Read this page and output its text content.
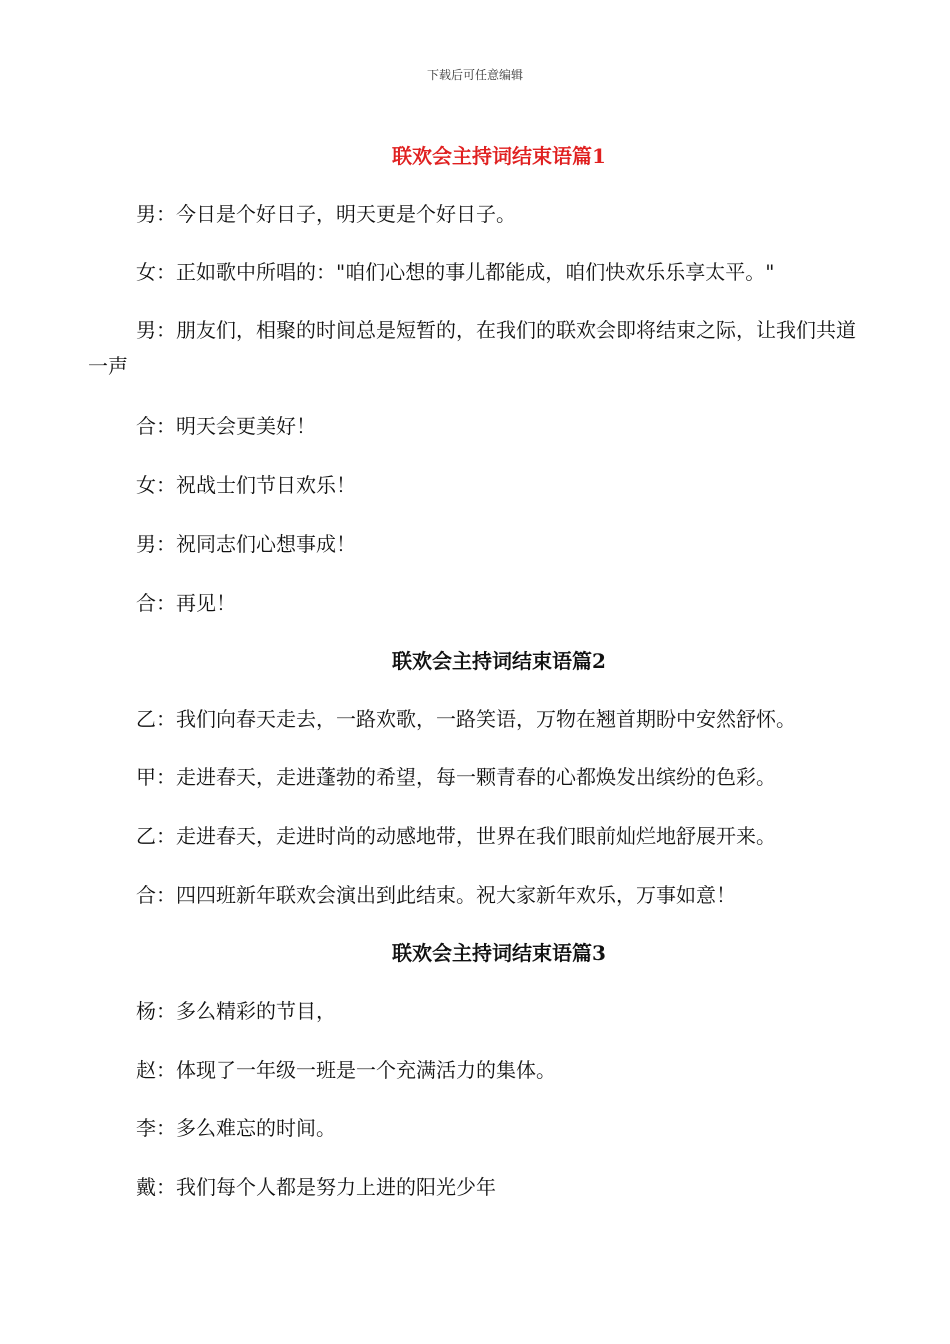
下载后可任意编辑
联欢会主持词结束语篇1
男：今日是个好日子，明天更是个好日子。
女：正如歌中所唱的："咱们心想的事儿都能成，咱们快欢乐乐享太平。"
男：朋友们，相聚的时间总是短暂的，在我们的联欢会即将结束之际，让我们共道一声
合：明天会更美好！
女：祝战士们节日欢乐！
男：祝同志们心想事成！
合：再见！
联欢会主持词结束语篇2
乙：我们向春天走去，一路欢歌，一路笑语，万物在翘首期盼中安然舒怀。
甲：走进春天，走进蓬勃的希望，每一颗青春的心都焕发出缤纷的色彩。
乙：走进春天，走进时尚的动感地带，世界在我们眼前灿烂地舒展开来。
合：四四班新年联欢会演出到此结束。祝大家新年欢乐，万事如意！
联欢会主持词结束语篇3
杨：多么精彩的节目，
赵：体现了一年级一班是一个充满活力的集体。
李：多么难忘的时间。
戴：我们每个人都是努力上进的阳光少年
